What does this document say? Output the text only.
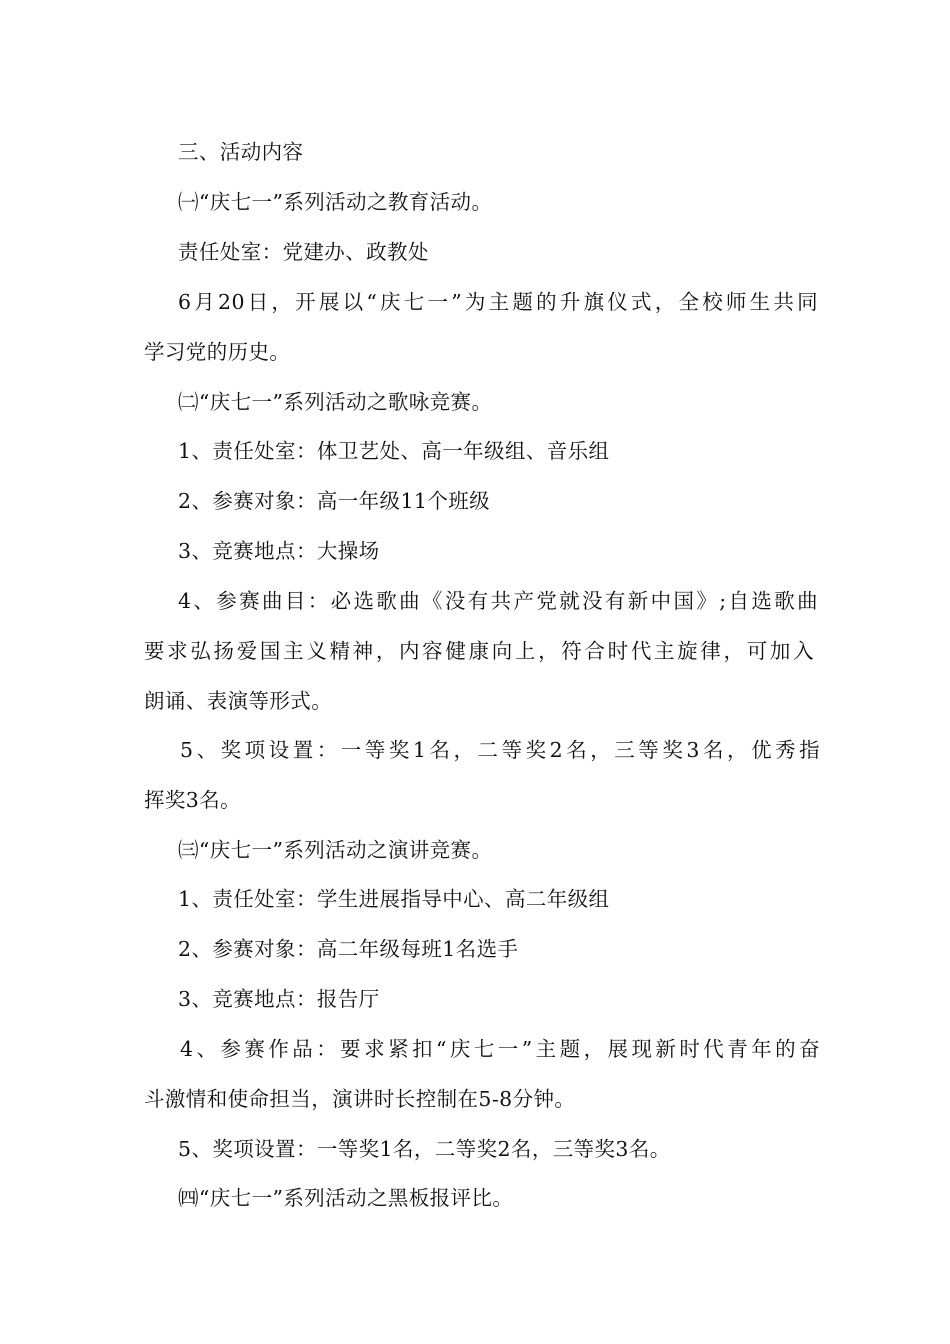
三、活动内容
㈠“庆七一”系列活动之教育活动。
责任处室：党建办、政教处
6月20日，开展以“庆七一”为主题的升旗仪式，全校师生共同
学习党的历史。
㈡“庆七一”系列活动之歌咏竞赛。
1、责任处室：体卫艺处、高一年级组、音乐组
2、参赛对象：高一年级11个班级
3、竞赛地点：大操场
4、参赛曲目：必选歌曲《没有共产党就没有新中国》;自选歌曲
要求弘扬爱国主义精神，内容健康向上，符合时代主旋律，可加入
朗诵、表演等形式。
5、奖项设置：一等奖1名，二等奖2名，三等奖3名，优秀指
挥奖3名。
㈢“庆七一”系列活动之演讲竞赛。
1、责任处室：学生进展指导中心、高二年级组
2、参赛对象：高二年级每班1名选手
3、竞赛地点：报告厅
4、参赛作品：要求紧扣“庆七一”主题，展现新时代青年的奋
斗激情和使命担当，演讲时长控制在5-8分钟。
5、奖项设置：一等奖1名，二等奖2名，三等奖3名。
㈣“庆七一”系列活动之黑板报评比。
